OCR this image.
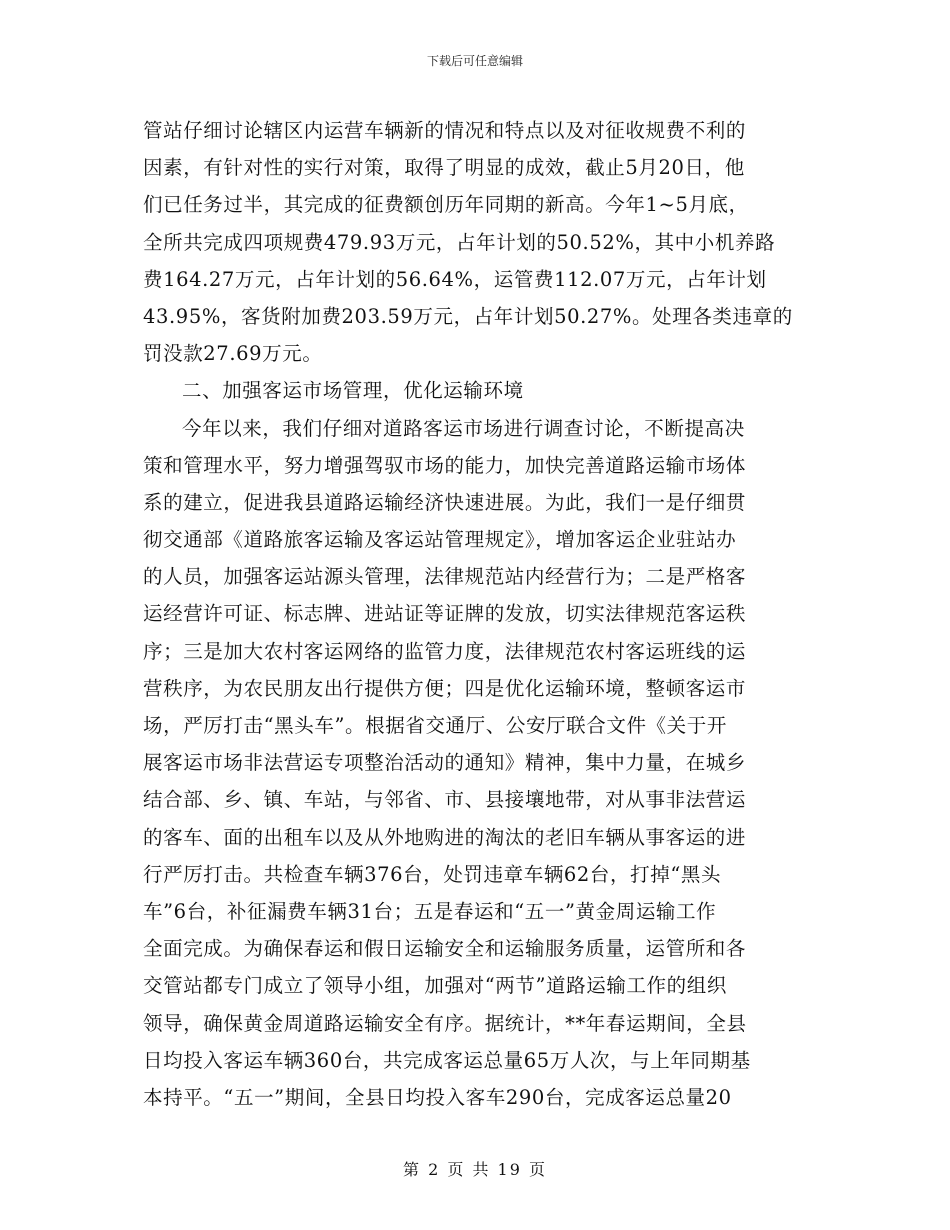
下载后可任意编辑
管站仔细讨论辖区内运营车辆新的情况和特点以及对征收规费不利的
因素，有针对性的实行对策，取得了明显的成效，截止5月20日，他
们已任务过半，其完成的征费额创历年同期的新高。今年1~5月底，
全所共完成四项规费479.93万元，占年计划的50.52%，其中小机养路
费164.27万元，占年计划的56.64%，运管费112.07万元，占年计划
43.95%，客货附加费203.59万元，占年计划50.27%。处理各类违章的
罚没款27.69万元。
二、加强客运市场管理，优化运输环境
今年以来，我们仔细对道路客运市场进行调查讨论，不断提高决
策和管理水平，努力增强驾驭市场的能力，加快完善道路运输市场体
系的建立，促进我县道路运输经济快速进展。为此，我们一是仔细贯
彻交通部《道路旅客运输及客运站管理规定》，增加客运企业驻站办
的人员，加强客运站源头管理，法律规范站内经营行为；二是严格客
运经营许可证、标志牌、进站证等证牌的发放，切实法律规范客运秩
序；三是加大农村客运网络的监管力度，法律规范农村客运班线的运
营秩序，为农民朋友出行提供方便；四是优化运输环境，整顿客运市
场，严厉打击“黑头车”。根据省交通厅、公安厅联合文件《关于开
展客运市场非法营运专项整治活动的通知》精神，集中力量，在城乡
结合部、乡、镇、车站，与邻省、市、县接壤地带，对从事非法营运
的客车、面的出租车以及从外地购进的淘汰的老旧车辆从事客运的进
行严厉打击。共检查车辆376台，处罚违章车辆62台，打掉“黑头
车”6台，补征漏费车辆31台；五是春运和“五一”黄金周运输工作
全面完成。为确保春运和假日运输安全和运输服务质量，运管所和各
交管站都专门成立了领导小组，加强对“两节”道路运输工作的组织
领导，确保黄金周道路运输安全有序。据统计，**年春运期间，全县
日均投入客运车辆360台，共完成客运总量65万人次，与上年同期基
本持平。“五一”期间，全县日均投入客车290台，完成客运总量20
第 2 页 共 19 页
